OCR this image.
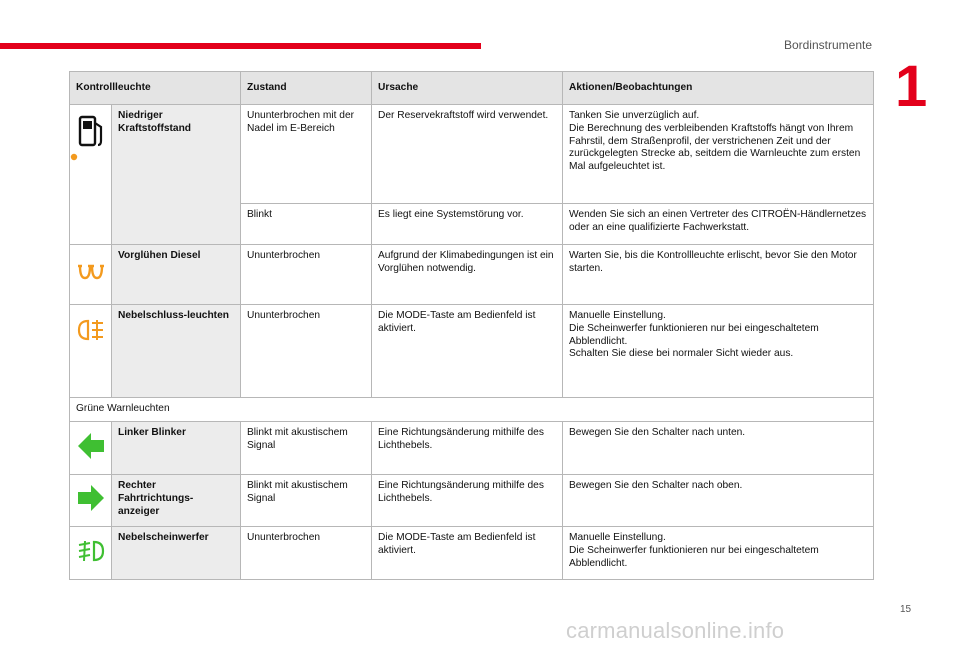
Bordinstrumente
1
Kontrollleuchte		Zustand	Ursache	Aktionen/Beobachtungen
	Niedriger Kraftstoffstand	Ununterbrochen mit der Nadel im E-Bereich	Der Reservekraftstoff wird verwendet.	Tanken Sie unverzüglich auf.
Die Berechnung des verbleibenden Kraftstoffs hängt von Ihrem Fahrstil, dem Straßenprofil, der verstrichenen Zeit und der zurückgelegten Strecke ab, seitdem die Warnleuchte zum ersten Mal aufgeleuchtet ist.
		Blinkt	Es liegt eine Systemstörung vor.	Wenden Sie sich an einen Vertreter des CITROËN-Händlernetzes oder an eine qualifizierte Fachwerkstatt.
	Vorglühen Diesel	Ununterbrochen	Aufgrund der Klimabedingungen ist ein Vorglühen notwendig.	Warten Sie, bis die Kontrollleuchte erlischt, bevor Sie den Motor starten.
	Nebelschluss-leuchten	Ununterbrochen	Die MODE-Taste am Bedienfeld ist aktiviert.	Manuelle Einstellung.
Die Scheinwerfer funktionieren nur bei eingeschaltetem Abblendlicht.
Schalten Sie diese bei normaler Sicht wieder aus.
Grüne Warnleuchten				
	Linker Blinker	Blinkt mit akustischem Signal	Eine Richtungsänderung mithilfe des Lichthebels.	Bewegen Sie den Schalter nach unten.
	Rechter Fahrtrichtungs-anzeiger	Blinkt mit akustischem Signal	Eine Richtungsänderung mithilfe des Lichthebels.	Bewegen Sie den Schalter nach oben.
	Nebelscheinwerfer	Ununterbrochen	Die MODE-Taste am Bedienfeld ist aktiviert.	Manuelle Einstellung.
Die Scheinwerfer funktionieren nur bei eingeschaltetem Abblendlicht.
15
carmanualsonline.info
